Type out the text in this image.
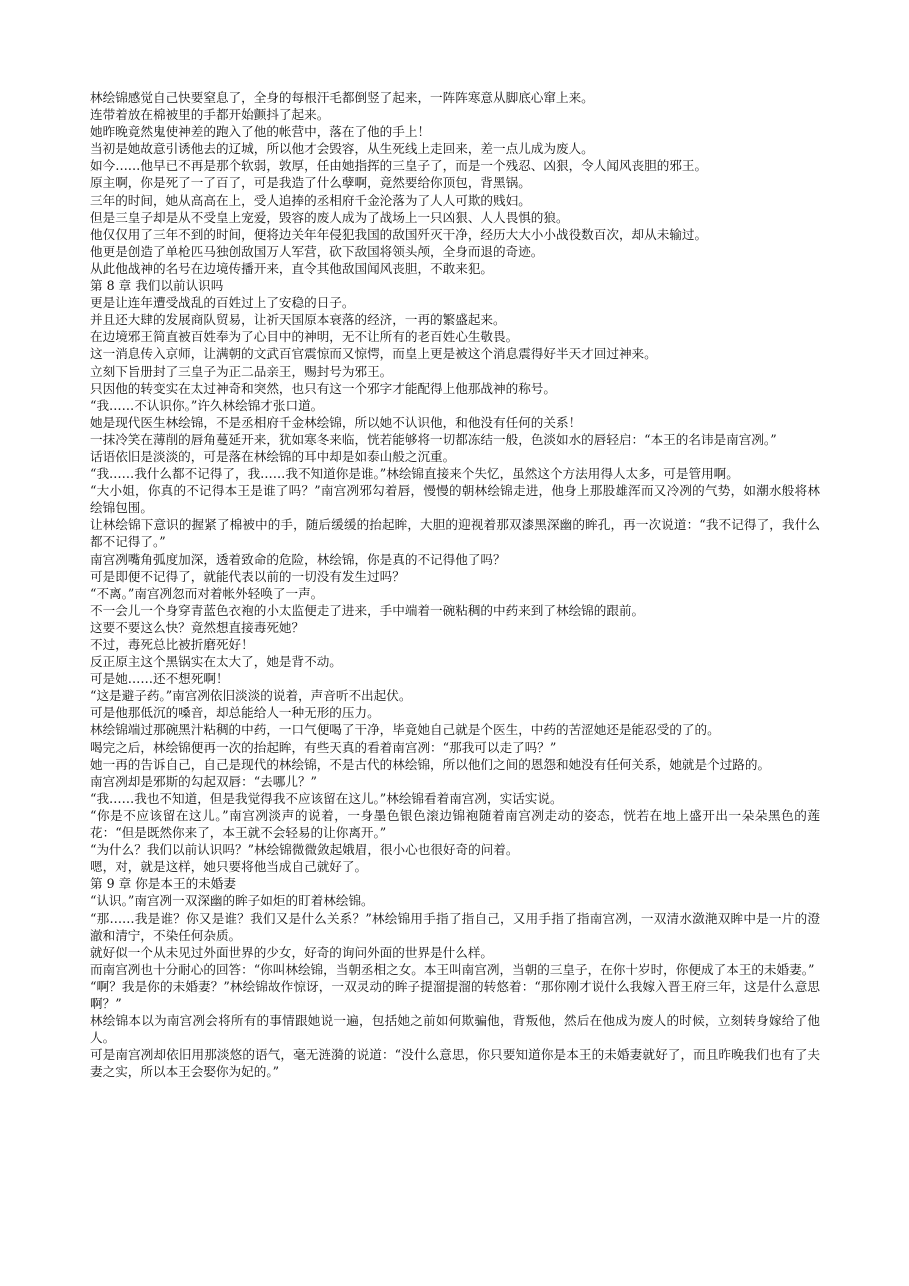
林绘锦感觉自己快要窒息了，全身的每根汗毛都倒竖了起来，一阵阵寒意从脚底心窜上来。

连带着放在棉被里的手都开始颤抖了起来。

她昨晚竟然鬼使神差的跑入了他的帐营中，落在了他的手上！

当初是她故意引诱他去的辽城，所以他才会毁容，从生死线上走回来，差一点儿成为废人。

如今……他早已不再是那个软弱，敦厚，任由她指挥的三皇子了，而是一个残忍、凶狠，令人闻风丧胆的邪王。

原主啊，你是死了一了百了，可是我造了什么孽啊，竟然要给你顶包，背黑锅。

三年的时间，她从高高在上，受人追捧的丞相府千金沦落为了人人可欺的贱妇。

但是三皇子却是从不受皇上宠爱，毁容的废人成为了战场上一只凶狠、人人畏惧的狼。

他仅仅用了三年不到的时间，便将边关年年侵犯我国的敌国歼灭干净，经历大大小小战役数百次，却从未输过。

他更是创造了单枪匹马独创敌国万人军营，砍下敌国将领头颅，全身而退的奇迹。

从此他战神的名号在边境传播开来，直令其他敌国闻风丧胆，不敢来犯。

第 8 章 我们以前认识吗

更是让连年遭受战乱的百姓过上了安稳的日子。

并且还大肆的发展商队贸易，让祈天国原本衰落的经济，一再的繁盛起来。

在边境邪王简直被百姓奉为了心目中的神明，无不让所有的老百姓心生敬畏。

这一消息传入京师，让满朝的文武百官震惊而又惊愕，而皇上更是被这个消息震得好半天才回过神来。

立刻下旨册封了三皇子为正二品亲王，赐封号为邪王。

只因他的转变实在太过神奇和突然，也只有这一个邪字才能配得上他那战神的称号。

“我……不认识你。”许久林绘锦才张口道。

她是现代医生林绘锦，不是丞相府千金林绘锦，所以她不认识他，和他没有任何的关系！

一抹冷笑在薄削的唇角蔓延开来，犹如寒冬来临，恍若能够将一切都冻结一般，色淡如水的唇轻启：“本王的名讳是南宫冽。”

话语依旧是淡淡的，可是落在林绘锦的耳中却是如泰山般之沉重。

“我……我什么都不记得了，我……我不知道你是谁。”林绘锦直接来个失忆，虽然这个方法用得人太多，可是管用啊。

“大小姐，你真的不记得本王是谁了吗？”南宫冽邪勾着唇，慢慢的朝林绘锦走进，他身上那股雄浑而又冷冽的气势，如潮水般将林绘锦包围。

让林绘锦下意识的握紧了棉被中的手，随后缓缓的抬起眸，大胆的迎视着那双漆黑深幽的眸孔，再一次说道：“我不记得了，我什么都不记得了。”

南宫冽嘴角弧度加深，透着致命的危险，林绘锦，你是真的不记得他了吗？

可是即便不记得了，就能代表以前的一切没有发生过吗？

“不离。”南宫冽忽而对着帐外轻唤了一声。

不一会儿一个身穿青蓝色衣袍的小太监便走了进来，手中端着一碗粘稠的中药来到了林绘锦的跟前。

这要不要这么快？竟然想直接毒死她？

不过，毒死总比被折磨死好！

反正原主这个黑锅实在太大了，她是背不动。

可是她……还不想死啊！

“这是避子药。”南宫冽依旧淡淡的说着，声音听不出起伏。

可是他那低沉的嗓音，却总能给人一种无形的压力。

林绘锦端过那碗黑汁粘稠的中药，一口气便喝了干净，毕竟她自己就是个医生，中药的苦涩她还是能忍受的了的。

喝完之后，林绘锦便再一次的抬起眸，有些天真的看着南宫冽：“那我可以走了吗？”

她一再的告诉自己，自己是现代的林绘锦，不是古代的林绘锦，所以他们之间的恩怨和她没有任何关系，她就是个过路的。

南宫冽却是邪斯的勾起双唇：“去哪儿？”

“我……我也不知道，但是我觉得我不应该留在这儿。”林绘锦看着南宫冽，实话实说。

“你是不应该留在这儿。”南宫冽淡声的说着，一身墨色银色滚边锦袍随着南宫冽走动的姿态，恍若在地上盛开出一朵朵黑色的莲花：“但是既然你来了，本王就不会轻易的让你离开。”

“为什么？我们以前认识吗？”林绘锦微微敛起娥眉，很小心也很好奇的问着。

嗯，对，就是这样，她只要将他当成自己就好了。

第 9 章 你是本王的未婚妻

“认识。”南宫冽一双深幽的眸子如炬的盯着林绘锦。

“那……我是谁？你又是谁？我们又是什么关系？”林绘锦用手指了指自己，又用手指了指南宫冽，一双清水潋滟双眸中是一片的澄澈和清宁，不染任何杂质。

就好似一个从未见过外面世界的少女，好奇的询问外面的世界是什么样。

而南宫冽也十分耐心的回答：“你叫林绘锦，当朝丞相之女。本王叫南宫冽，当朝的三皇子，在你十岁时，你便成了本王的未婚妻。”

“啊？我是你的未婚妻？”林绘锦故作惊讶，一双灵动的眸子提溜提溜的转悠着：“那你刚才说什么我嫁入晋王府三年，这是什么意思啊？”

林绘锦本以为南宫冽会将所有的事情跟她说一遍，包括她之前如何欺骗他，背叛他，然后在他成为废人的时候，立刻转身嫁给了他人。

可是南宫冽却依旧用那淡悠的语气，毫无涟漪的说道：“没什么意思，你只要知道你是本王的未婚妻就好了，而且昨晚我们也有了夫妻之实，所以本王会娶你为妃的。”
